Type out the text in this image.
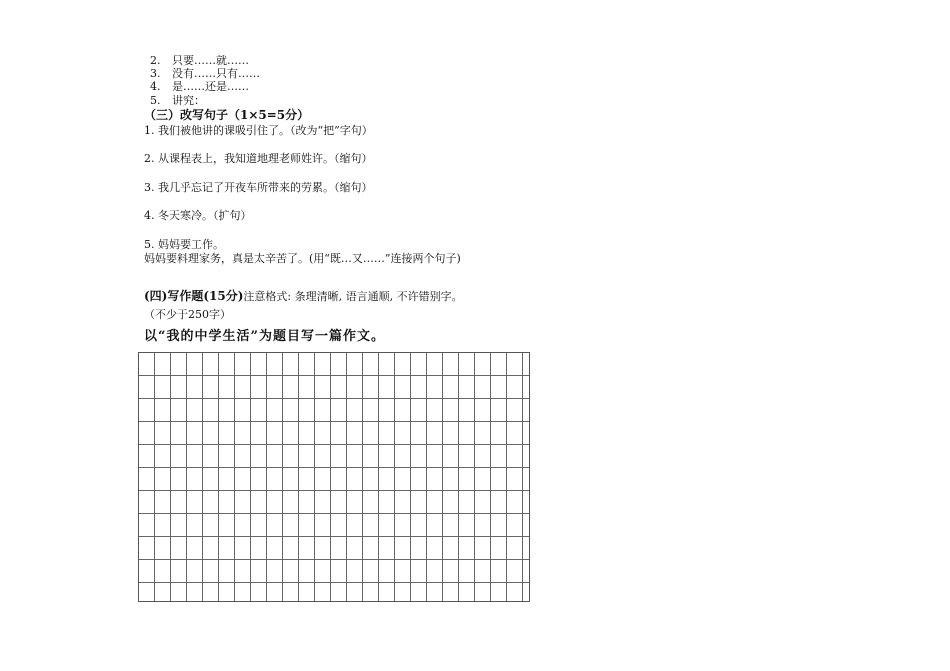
2. 只要……就……
3. 没有……只有……
4. 是……还是……
5. 讲究：
（三）改写句子（1×5=5分）
1. 我们被他讲的课吸引住了。（改为“把”字句）
2. 从课程表上，我知道地理老师姓许。（缩句）
3. 我几乎忘记了开夜车所带来的劳累。（缩句）
4. 冬天寒冷。（扩句）
5. 妈妈要工作。
妈妈要料理家务，真是太辛苦了。(用“既…又……”连接两个句子)
(四)写作题(15分)注意格式: 条理清晰, 语言通顺, 不许错别字。
（不少于250字）
以“我的中学生活”为题目写一篇作文。
